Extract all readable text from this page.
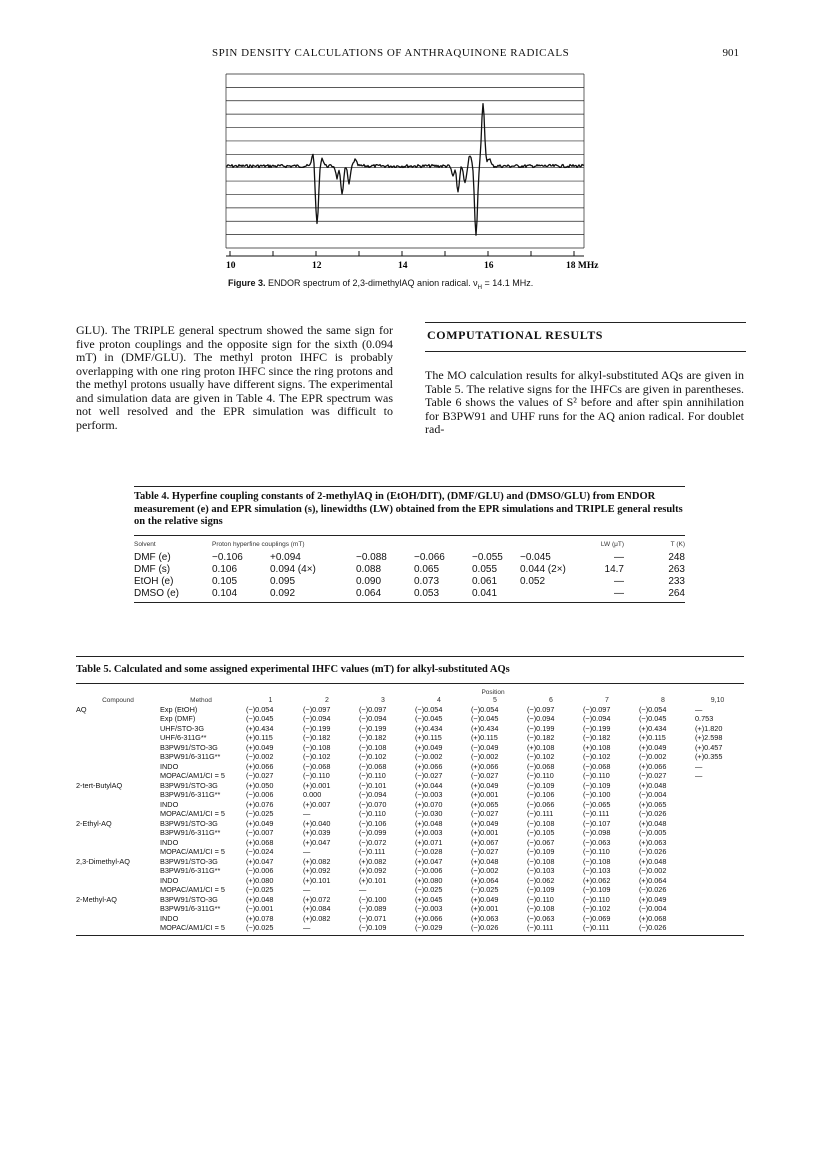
SPIN DENSITY CALCULATIONS OF ANTHRAQUINONE RADICALS	901
10	12	14	16	18 MHz
Figure 3. ENDOR spectrum of 2,3-dimethylAQ anion radical. $\nu_H = 14.1$ MHz.
GLU). The TRIPLE general spectrum showed the same sign for five proton couplings and the opposite sign for the sixth (0.094 mT) in (DMF/GLU). The methyl proton IHFC is probably overlapping with one ring proton IHFC since the ring protons and the methyl protons usually have different signs. The experimental and simulation data are given in Table 4. The EPR spectrum was not well resolved and the EPR simulation was difficult to perform.
COMPUTATIONAL RESULTS
The MO calculation results for alkyl-substituted AQs are given in Table 5. The relative signs for the IHFCs are given in parentheses. Table 6 shows the values of S² before and after spin annihilation for B3PW91 and UHF runs for the AQ anion radical. For doublet rad-
Table 4. Hyperfine coupling constants of 2-methylAQ in (EtOH/DIT), (DMF/GLU) and (DMSO/GLU) from ENDOR measurement (e) and EPR simulation (s), linewidths (LW) obtained from the EPR simulations and TRIPLE general results on the relative signs
Solvent	Proton hyperfine couplings (mT)						LW (μT)	T (K)
DMF (e)	−0.106	+0.094	−0.088	−0.066	−0.055	−0.045	—	248
DMF (s)	0.106	0.094 (4×)	0.088	0.065	0.055	0.044 (2×)	14.7	263
EtOH (e)	0.105	0.095	0.090	0.073	0.061	0.052	—	233
DMSO (e)	0.104	0.092	0.064	0.053	0.041		—	264
Table 5. Calculated and some assigned experimental IHFC values (mT) for alkyl-substituted AQs
		Position								
Compound	Method	1	2	3	4	5	6	7	8	9,10
AQ	Exp (EtOH)	(−)0.054	(−)0.097	(−)0.097	(−)0.054	(−)0.054	(−)0.097	(−)0.097	(−)0.054	—
	Exp (DMF)	(−)0.045	(−)0.094	(−)0.094	(−)0.045	(−)0.045	(−)0.094	(−)0.094	(−)0.045	0.753
	UHF/STO-3G	(+)0.434	(−)0.199	(−)0.199	(+)0.434	(+)0.434	(−)0.199	(−)0.199	(+)0.434	(+)1.820
	UHF/6-311G**	(+)0.115	(−)0.182	(−)0.182	(+)0.115	(+)0.115	(−)0.182	(−)0.182	(+)0.115	(+)2.598
	B3PW91/STO-3G	(+)0.049	(−)0.108	(−)0.108	(+)0.049	(−)0.049	(+)0.108	(+)0.108	(+)0.049	(+)0.457
	B3PW91/6-311G**	(−)0.002	(−)0.102	(−)0.102	(−)0.002	(−)0.002	(−)0.102	(−)0.102	(−)0.002	(+)0.355
	INDO	(+)0.066	(−)0.068	(−)0.068	(+)0.066	(+)0.066	(−)0.068	(−)0.068	(+)0.066	—
	MOPAC/AM1/CI = 5	(−)0.027	(−)0.110	(−)0.110	(−)0.027	(−)0.027	(−)0.110	(−)0.110	(−)0.027	—
2-tert-ButylAQ	B3PW91/STO-3G	(+)0.050	(+)0.001	(−)0.101	(+)0.044	(+)0.049	(−)0.109	(−)0.109	(+)0.048	
	B3PW91/6-311G**	(−)0.006	0.000	(−)0.094	(−)0.003	(+)0.001	(−)0.106	(−)0.100	(−)0.004	
	INDO	(+)0.076	(+)0.007	(−)0.070	(+)0.070	(+)0.065	(−)0.066	(−)0.065	(+)0.065	
	MOPAC/AM1/CI = 5	(−)0.025	—	(−)0.110	(−)0.030	(−)0.027	(−)0.111	(−)0.111	(−)0.026	
2-Ethyl-AQ	B3PW91/STO-3G	(+)0.049	(+)0.040	(−)0.106	(+)0.048	(+)0.049	(−)0.108	(−)0.107	(+)0.048	
	B3PW91/6-311G**	(−)0.007	(+)0.039	(−)0.099	(+)0.003	(+)0.001	(−)0.105	(−)0.098	(−)0.005	
	INDO	(+)0.068	(+)0.047	(−)0.072	(+)0.071	(+)0.067	(−)0.067	(−)0.063	(+)0.063	
	MOPAC/AM1/CI = 5	(−)0.024	—	(−)0.111	(−)0.028	(−)0.027	(−)0.109	(−)0.110	(−)0.026	
2,3-Dimethyl-AQ	B3PW91/STO-3G	(+)0.047	(+)0.082	(+)0.082	(+)0.047	(+)0.048	(−)0.108	(−)0.108	(+)0.048	
	B3PW91/6-311G**	(−)0.006	(+)0.092	(+)0.092	(−)0.006	(−)0.002	(−)0.103	(−)0.103	(−)0.002	
	INDO	(+)0.080	(+)0.101	(+)0.101	(+)0.080	(+)0.064	(−)0.062	(+)0.062	(+)0.064	
	MOPAC/AM1/CI = 5	(−)0.025	—	—	(−)0.025	(−)0.025	(−)0.109	(−)0.109	(−)0.026	
2-Methyl-AQ	B3PW91/STO-3G	(+)0.048	(+)0.072	(−)0.100	(+)0.045	(+)0.049	(−)0.110	(−)0.110	(+)0.049	
	B3PW91/6-311G**	(−)0.001	(+)0.084	(−)0.089	(−)0.003	(+)0.001	(−)0.108	(−)0.102	(−)0.004	
	INDO	(+)0.078	(+)0.082	(−)0.071	(+)0.066	(+)0.063	(−)0.063	(−)0.069	(+)0.068	
	MOPAC/AM1/CI = 5	(−)0.025	—	(−)0.109	(−)0.029	(−)0.026	(−)0.111	(−)0.111	(−)0.026	
